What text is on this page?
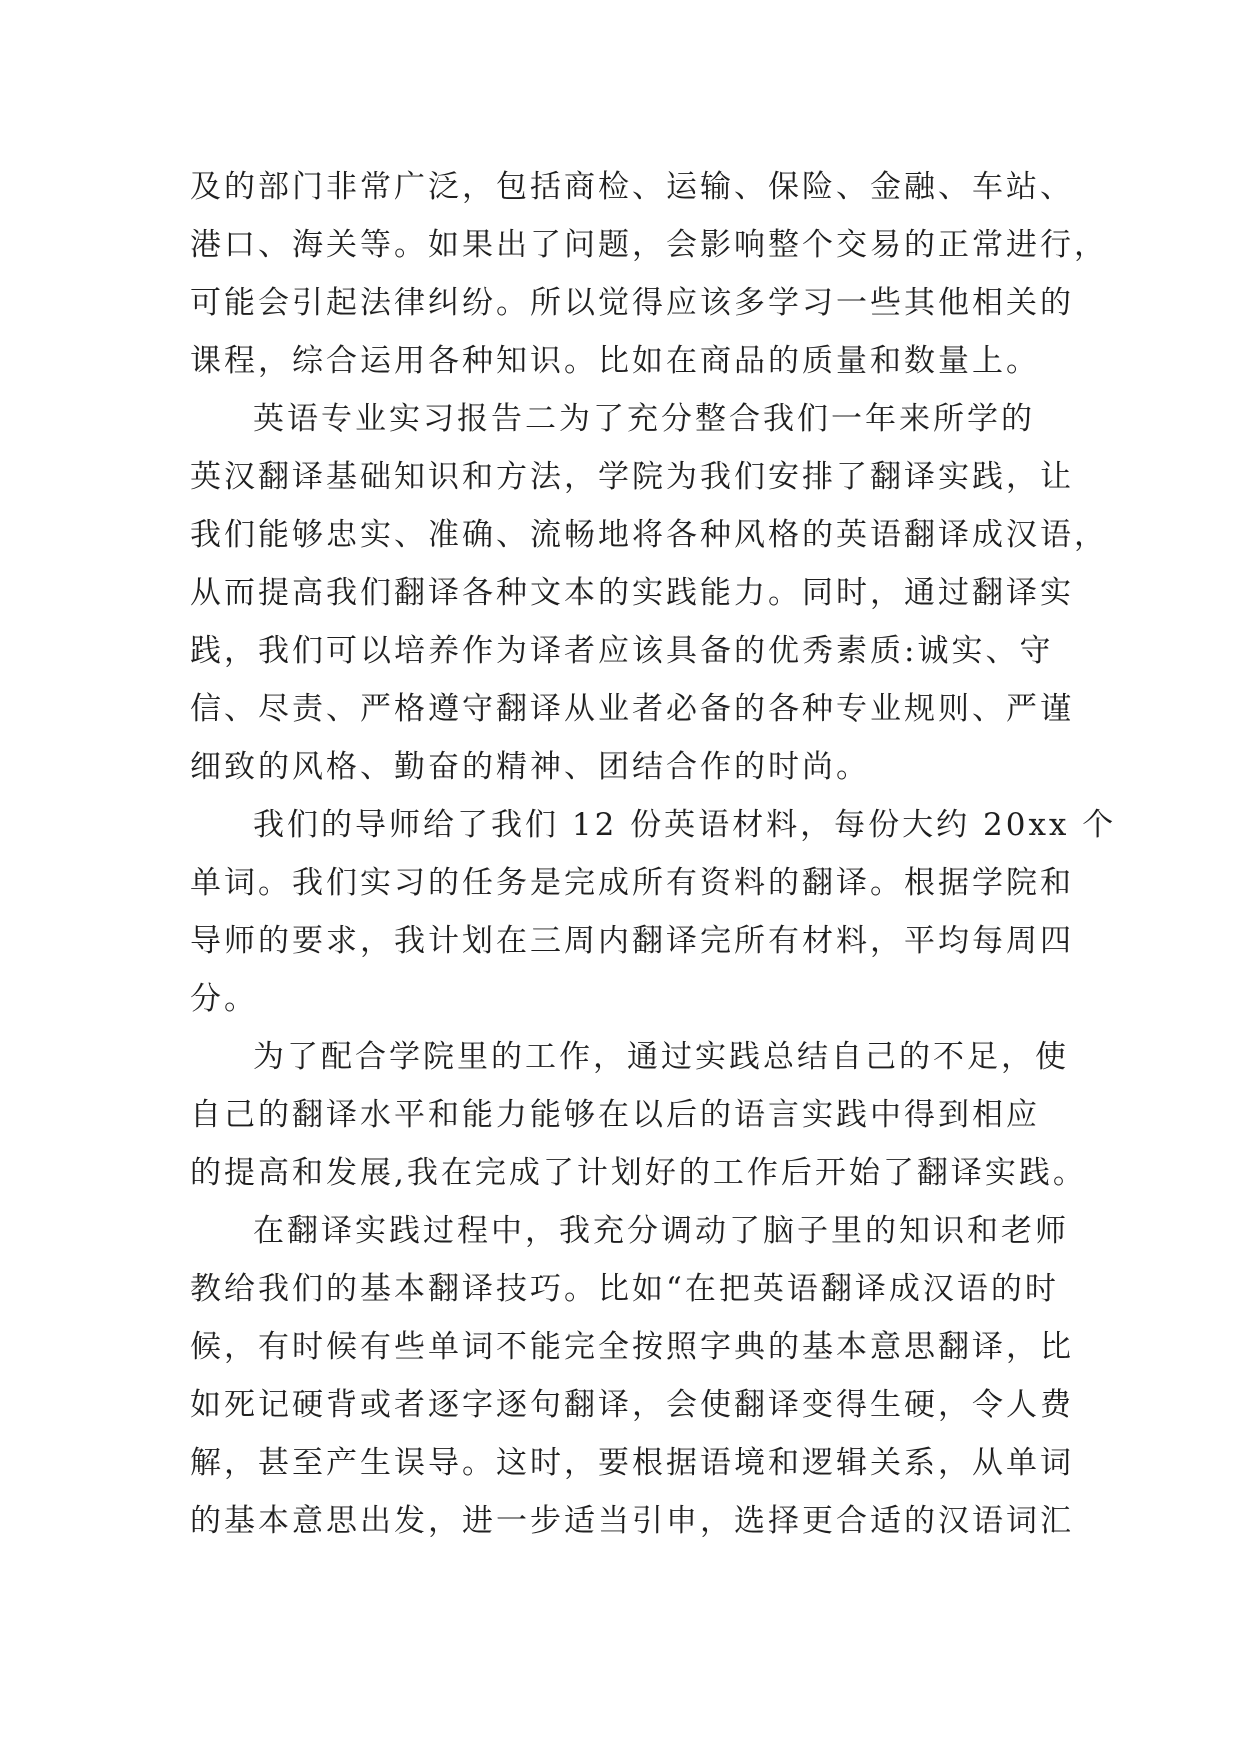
及的部门非常广泛，包括商检、运输、保险、金融、车站、
港口、海关等。如果出了问题，会影响整个交易的正常进行，
可能会引起法律纠纷。所以觉得应该多学习一些其他相关的
课程，综合运用各种知识。比如在商品的质量和数量上。
英语专业实习报告二为了充分整合我们一年来所学的
英汉翻译基础知识和方法，学院为我们安排了翻译实践，让
我们能够忠实、准确、流畅地将各种风格的英语翻译成汉语，
从而提高我们翻译各种文本的实践能力。同时，通过翻译实
践，我们可以培养作为译者应该具备的优秀素质:诚实、守
信、尽责、严格遵守翻译从业者必备的各种专业规则、严谨
细致的风格、勤奋的精神、团结合作的时尚。
我们的导师给了我们 12 份英语材料，每份大约 20xx 个
单词。我们实习的任务是完成所有资料的翻译。根据学院和
导师的要求，我计划在三周内翻译完所有材料，平均每周四
分。
为了配合学院里的工作，通过实践总结自己的不足，使
自己的翻译水平和能力能够在以后的语言实践中得到相应
的提高和发展,我在完成了计划好的工作后开始了翻译实践。
在翻译实践过程中，我充分调动了脑子里的知识和老师
教给我们的基本翻译技巧。比如“在把英语翻译成汉语的时
候，有时候有些单词不能完全按照字典的基本意思翻译，比
如死记硬背或者逐字逐句翻译，会使翻译变得生硬，令人费
解，甚至产生误导。这时，要根据语境和逻辑关系，从单词
的基本意思出发，进一步适当引申，选择更合适的汉语词汇
